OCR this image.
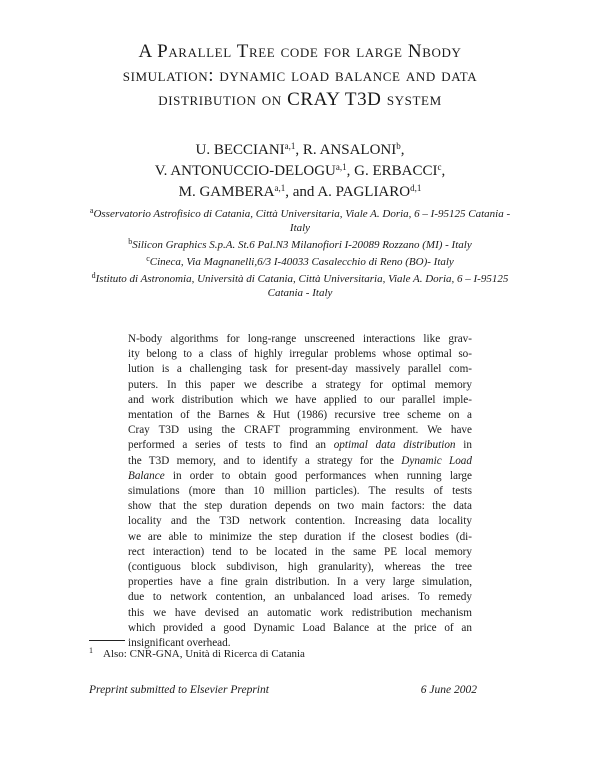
A Parallel Tree code for large Nbody
simulation: dynamic load balance and data
distribution on CRAY T3D system
U. BECCIANI$^{a,1}$, R. ANSALONI$^b$,
V. ANTONUCCIO-DELOGU$^{a,1}$, G. ERBACCI$^c$,
M. GAMBERA$^{a,1}$, and A. PAGLIARO$^{d,1}$

$^a$Osservatorio Astrofisico di Catania, Città Universitaria, Viale A. Doria, 6 – I-95125 Catania - Italy

$^b$Silicon Graphics S.p.A. St.6 Pal.N3 Milanofiori I-20089 Rozzano (MI) - Italy

$^c$Cineca, Via Magnanelli,6/3 I-40033 Casalecchio di Reno (BO)- Italy

$^d$Istituto di Astronomia, Università di Catania, Città Universitaria, Viale A. Doria, 6 – I-95125 Catania - Italy

N-body algorithms for long-range unscreened interactions like grav-
ity belong to a class of highly irregular problems whose optimal so-
lution is a challenging task for present-day massively parallel com-
puters. In this paper we describe a strategy for optimal memory
and work distribution which we have applied to our parallel imple-
mentation of the Barnes & Hut (1986) recursive tree scheme on a
Cray T3D using the CRAFT programming environment. We have
performed a series of tests to find an optimal data distribution in
the T3D memory, and to identify a strategy for the Dynamic Load
Balance in order to obtain good performances when running large
simulations (more than 10 million particles). The results of tests
show that the step duration depends on two main factors: the data
locality and the T3D network contention. Increasing data locality
we are able to minimize the step duration if the closest bodies (di-
rect interaction) tend to be located in the same PE local memory
(contiguous block subdivison, high granularity), whereas the tree
properties have a fine grain distribution. In a very large simulation,
due to network contention, an unbalanced load arises. To remedy
this we have devised an automatic work redistribution mechanism
which provided a good Dynamic Load Balance at the price of an
insignificant overhead.
$^1$ Also: CNR-GNA, Unità di Ricerca di Catania
Preprint submitted to Elsevier Preprint	6 June 2002
